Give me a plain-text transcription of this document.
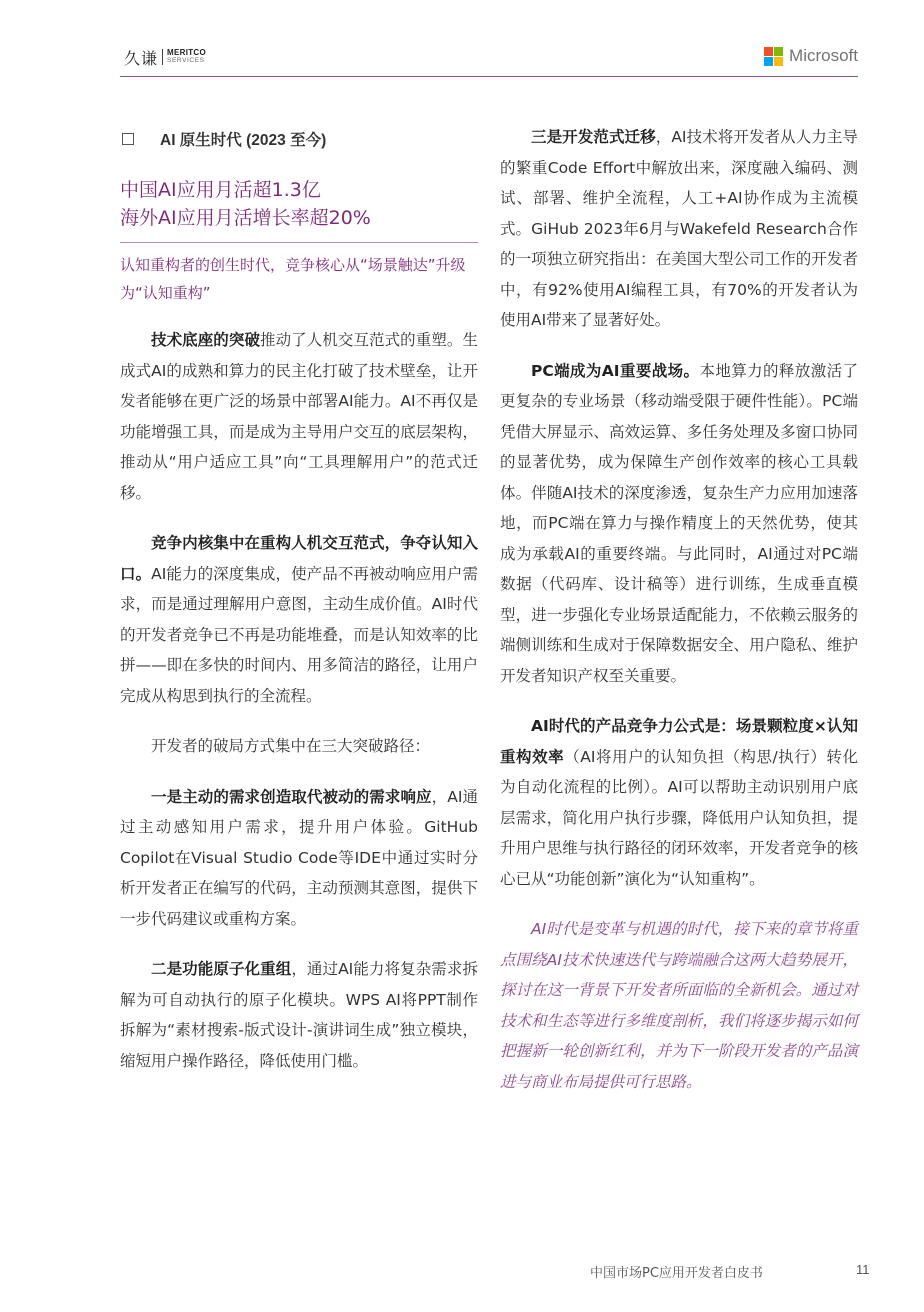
久谦 MERITCO
SERVICES	Microsoft
AI 原生时代 (2023 至今)
中国AI应用月活超1.3亿
海外AI应用月活增长率超20%
认知重构者的创生时代，竞争核心从“场景触达”升级为“认知重构”

技术底座的突破推动了人机交互范式的重塑。生成式AI的成熟和算力的民主化打破了技术壁垒，让开发者能够在更广泛的场景中部署AI能力。AI不再仅是功能增强工具，而是成为主导用户交互的底层架构，推动从“用户适应工具”向“工具理解用户”的范式迁移。

竞争内核集中在重构人机交互范式，争夺认知入口。AI能力的深度集成，使产品不再被动响应用户需求，而是通过理解用户意图，主动生成价值。AI时代的开发者竞争已不再是功能堆叠，而是认知效率的比拼——即在多快的时间内、用多简洁的路径，让用户完成从构思到执行的全流程。

开发者的破局方式集中在三大突破路径：

一是主动的需求创造取代被动的需求响应，AI通过主动感知用户需求，提升用户体验。GitHub Copilot在Visual Studio Code等IDE中通过实时分析开发者正在编写的代码，主动预测其意图，提供下一步代码建议或重构方案。

二是功能原子化重组，通过AI能力将复杂需求拆解为可自动执行的原子化模块。WPS AI将PPT制作拆解为“素材搜索-版式设计-演讲词生成”独立模块，缩短用户操作路径，降低使用门槛。

三是开发范式迁移，AI技术将开发者从人力主导的繁重Code Effort中解放出来，深度融入编码、测试、部署、维护全流程，人工+AI协作成为主流模式。GiHub 2023年6月与Wakefeld Research合作的一项独立研究指出：在美国大型公司工作的开发者中，有92%使用AI编程工具，有70%的开发者认为使用AI带来了显著好处。

PC端成为AI重要战场。本地算力的释放激活了更复杂的专业场景（移动端受限于硬件性能）。PC端凭借大屏显示、高效运算、多任务处理及多窗口协同的显著优势，成为保障生产创作效率的核心工具载体。伴随AI技术的深度渗透，复杂生产力应用加速落地，而PC端在算力与操作精度上的天然优势，使其成为承载AI的重要终端。与此同时，AI通过对PC端数据（代码库、设计稿等）进行训练，生成垂直模型，进一步强化专业场景适配能力，不依赖云服务的端侧训练和生成对于保障数据安全、用户隐私、维护开发者知识产权至关重要。

AI时代的产品竞争力公式是：场景颗粒度×认知重构效率（AI将用户的认知负担（构思/执行）转化为自动化流程的比例）。AI可以帮助主动识别用户底层需求，简化用户执行步骤，降低用户认知负担，提升用户思维与执行路径的闭环效率，开发者竞争的核心已从“功能创新”演化为“认知重构”。

AI时代是变革与机遇的时代，接下来的章节将重点围绕AI技术快速迭代与跨端融合这两大趋势展开，探讨在这一背景下开发者所面临的全新机会。通过对技术和生态等进行多维度剖析，我们将逐步揭示如何把握新一轮创新红利，并为下一阶段开发者的产品演进与商业布局提供可行思路。

中国市场PC应用开发者白皮书	11
